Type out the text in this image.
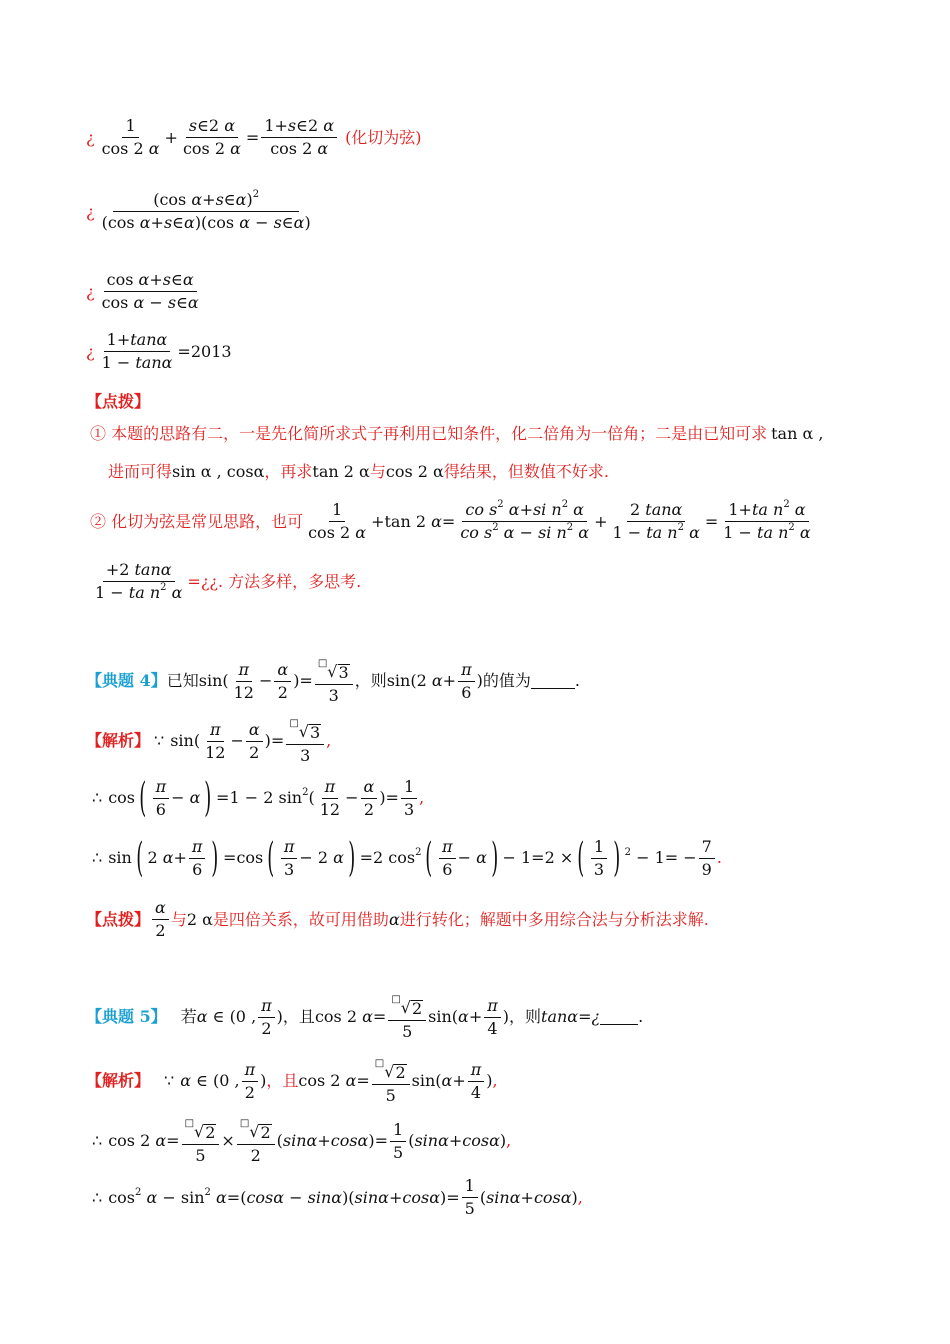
¿ $\frac{1}{\cos 2 \alpha} + \frac{s\in 2 \alpha}{\cos 2 \alpha} = \frac{1+s\in 2 \alpha}{\cos 2 \alpha}$ (化切为弦)
¿ $\frac{(\cos \alpha+s\in\alpha)^2}{\text{(cos α+s∈α)(cos α − s∈α)}}$
¿ $\frac{\text{cos α+s∈α}}{\text{cos α − s∈α}}$
¿ $\frac{1+\tan\alpha}{1 - \tan\alpha} =2013$
【点拨】
① 本题的思路有二，一是先化简所求式子再利用已知条件，化二倍角为一倍角；二是由已知可求 tan α ,
进而可得 sin α , cosα ，再求 tan 2 α 与 cos 2 α 得结果，但数值不好求.
② 化切为弦是常见思路，也可 $\frac{1}{\cos 2 \alpha} +\tan$ 2 $\alpha= \frac{co s^2 \alpha+si n^2 \alpha}{co s^2 \alpha - si n^2 \alpha} + \frac{2 \tan\alpha}{1 - ta n^2 \alpha} = \frac{1+ta n^2 \alpha}{1 - ta n^2 \alpha}$
$\frac{+2 \tan\alpha}{1 - ta n^2 \alpha}$ =¿¿. 方法多样，多思考.
【典题 4】 已知 $\sin( \frac{\pi}{12} - \frac{\alpha}{2}$ )= $\frac{□ √ 3}{3}$ ，则 sin(2 $\alpha+ \frac{\pi}{6}$ ) 的值为	.
【解析】 ∵ $\sin( \frac{\pi}{12} - \frac{\alpha}{2}$ )= $\frac{□ √ 3}{3}$ ,
∴ cos ( $\frac{\pi}{6} - \alpha$ ) =1 − 2 $\sin^2( \frac{\pi}{12} - \frac{\alpha}{2}$ )= $\frac{1}{3}$ ,
∴ sin ( 2 $\alpha+ \frac{\pi}{6}$ ) =cos ( $\frac{\pi}{3} - 2$ α ) =2 $\cos^2$ ( $\frac{\pi}{6} - \alpha$ ) − 1=2 × ( $\frac{1}{3}$ ) $^2 - 1= - \frac{7}{9}$ .
【点拨】 $\frac{\alpha}{2}$ 与 2 α 是四倍关系，故可用借助 α 进行转化；解题中多用综合法与分析法求解.
【典题 5】 若 α ∈ (0 , $\frac{\pi}{2}$ ) ，且 cos 2 $\alpha= \frac{□ √ 2}{5} \sin(\alpha+ \frac{\pi}{4}$ ) ，则 tanα=¿ .
【解析】 ∵ α ∈ (0 , $\frac{\pi}{2}$ ) ，且 cos 2 $\alpha= \frac{□ √ 2}{5} \sin(\alpha+ \frac{\pi}{4}$ ),
∴ cos 2 $\alpha= \frac{□ √ 2}{5} \times \frac{□ √ 2}{2} (\sin\alpha+\cos\alpha)= \frac{1}{5} (\sin\alpha+\cos\alpha)$,
∴ $\cos^2 \alpha - \sin^2 \alpha=(\cos\alpha - \sin\alpha)(\sin\alpha+\cos\alpha)= \frac{1}{5} (\sin\alpha+\cos\alpha)$,
